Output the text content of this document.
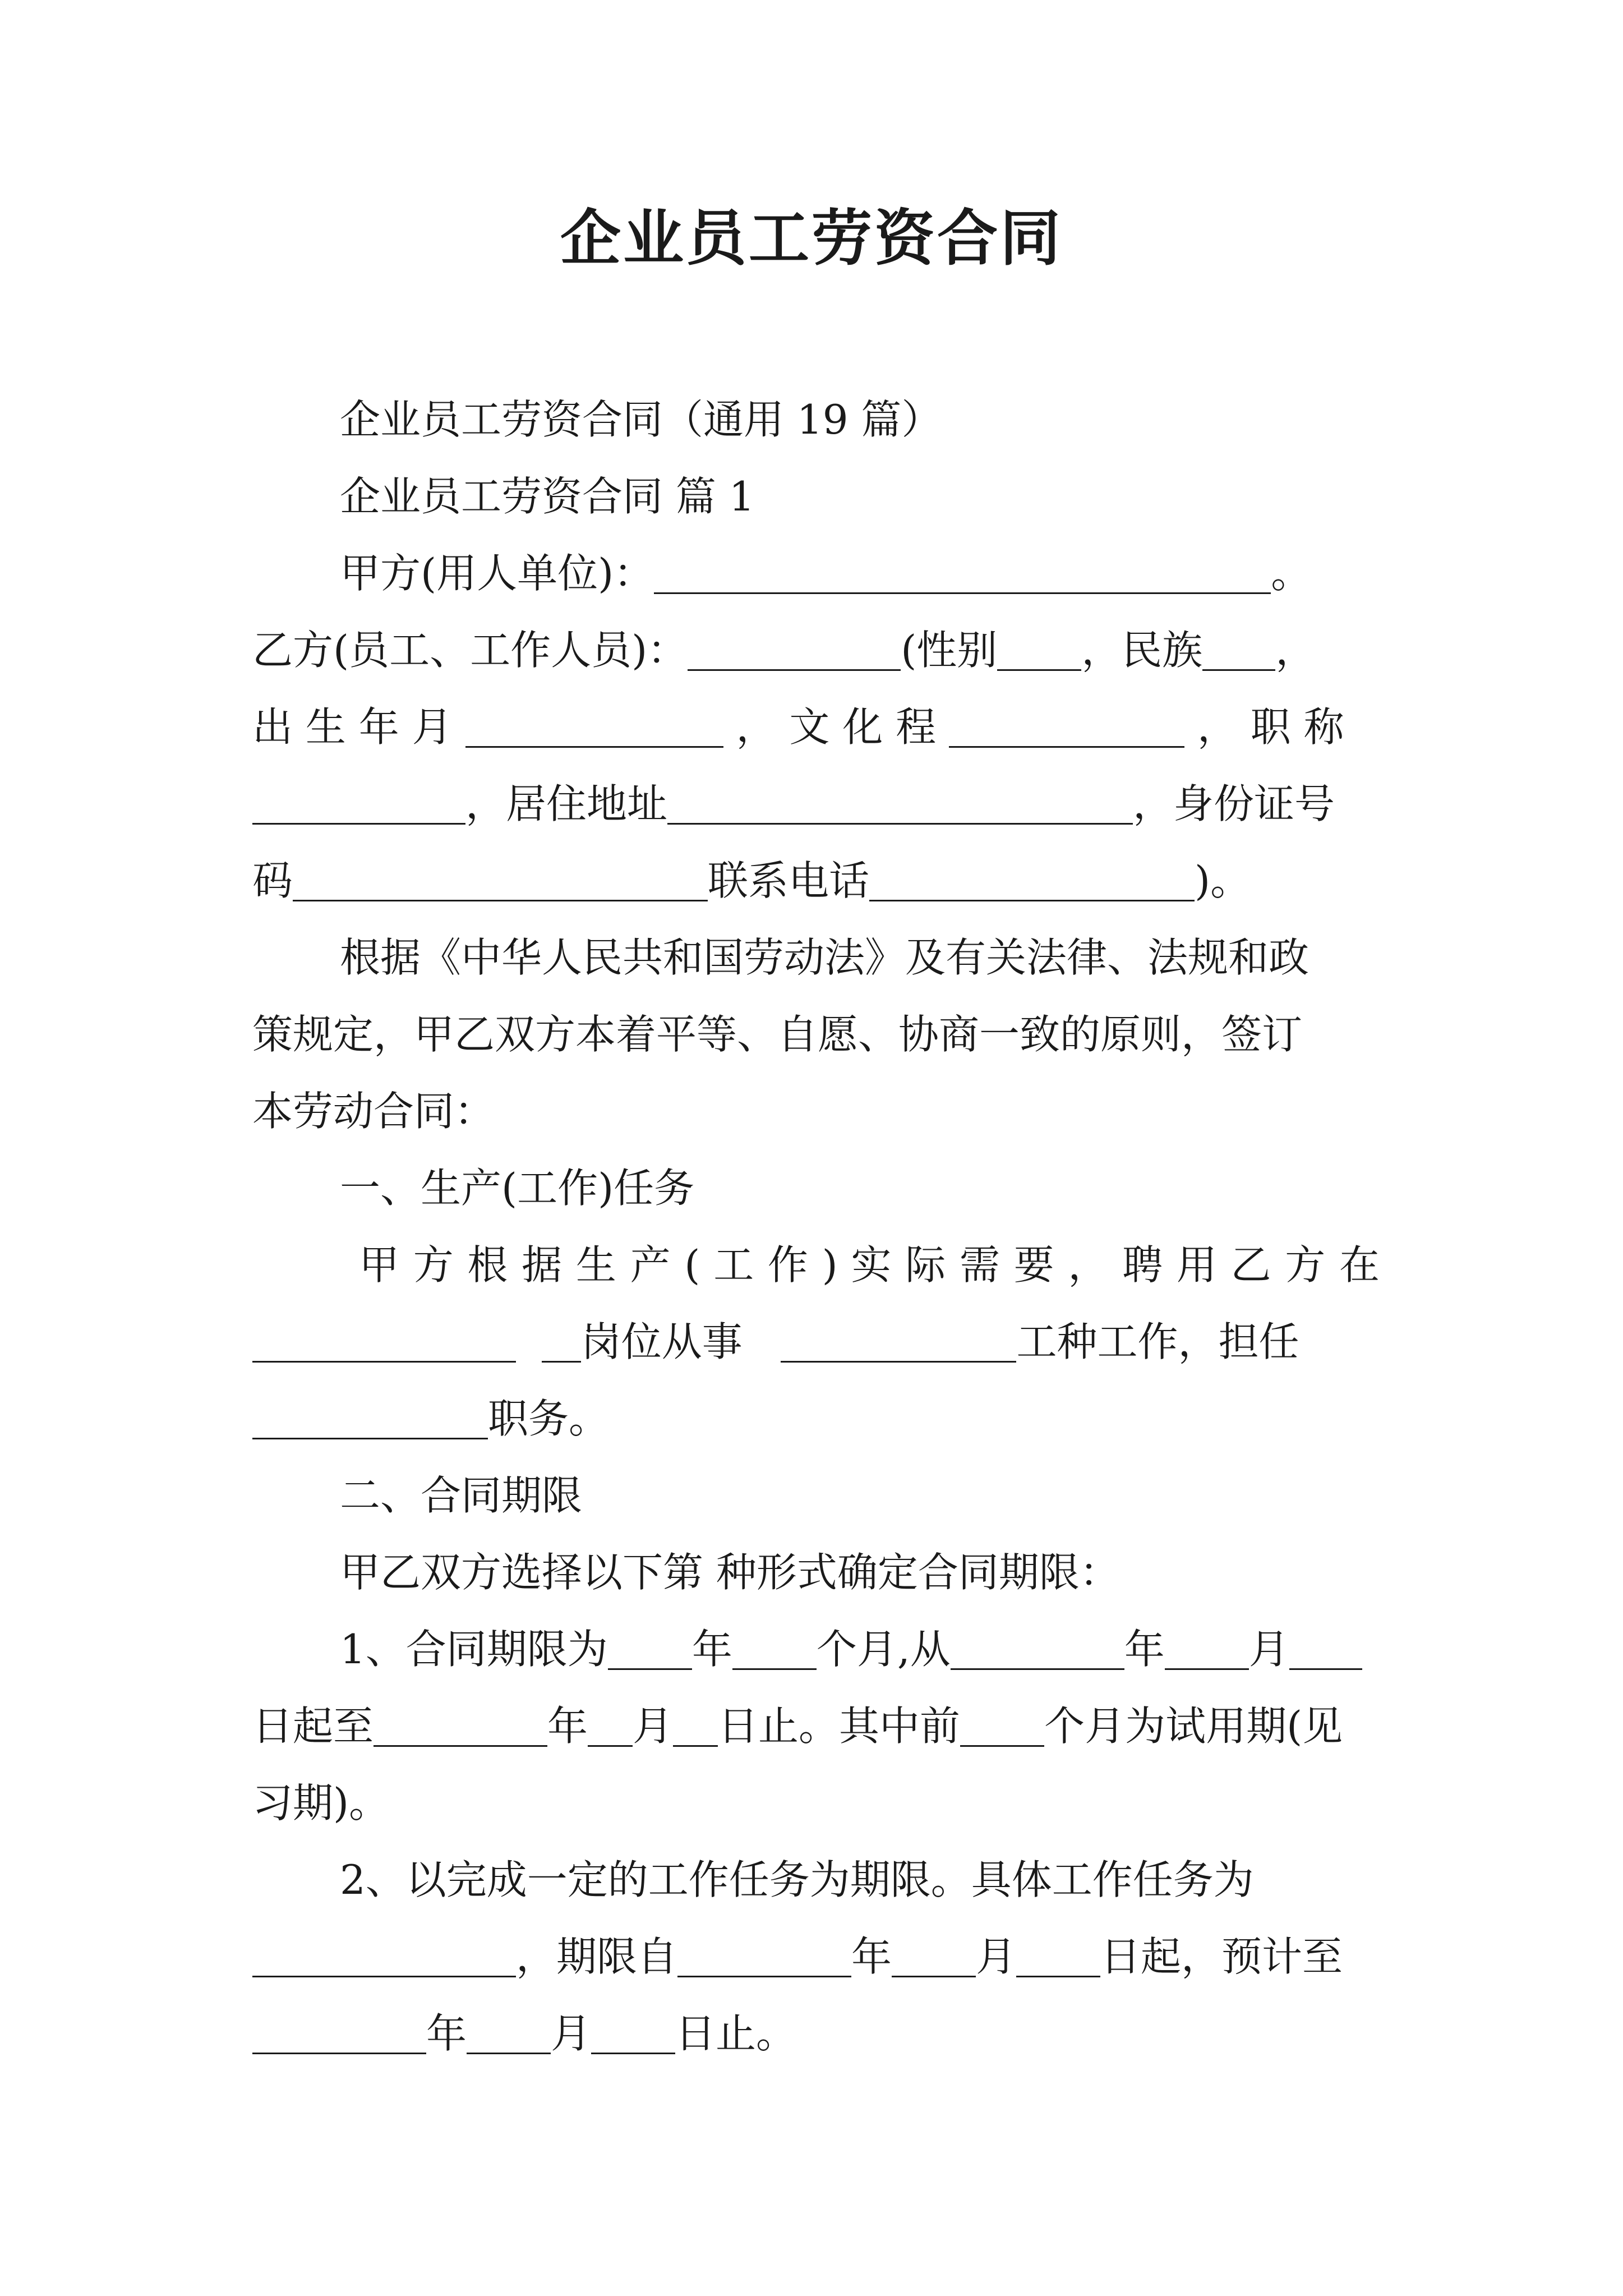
企业员工劳资合同
企业员工劳资合同（通用 19 篇）
企业员工劳资合同 篇 1
甲方(用人单位)：	。
乙方(员工、工作人员)：	(性别 ，民族 ，
出 生 年 月	， 文 化 程	， 职 称
，居住地址	，身份证号
码	联系电话	)。
根据《中华人民共和国劳动法》及有关法律、法规和政
策规定，甲乙双方本着平等、自愿、协商一致的原则，签订
本劳动合同：
一、生产(工作)任务
甲 方 根 据 生 产 ( 工 作 ) 实 际 需 要 ， 聘 用 乙 方 在
岗位从事	工种工作，担任
职务。
二、合同期限
甲乙双方选择以下第 种形式确定合同期限：
1、合同期限为 年 个月,从	年 月
日起至	年 月 日止。其中前 个月为试用期(见
习期)。
2、以完成一定的工作任务为期限。具体工作任务为
，期限自	年 月 日起，预计至
年 月 日止。
